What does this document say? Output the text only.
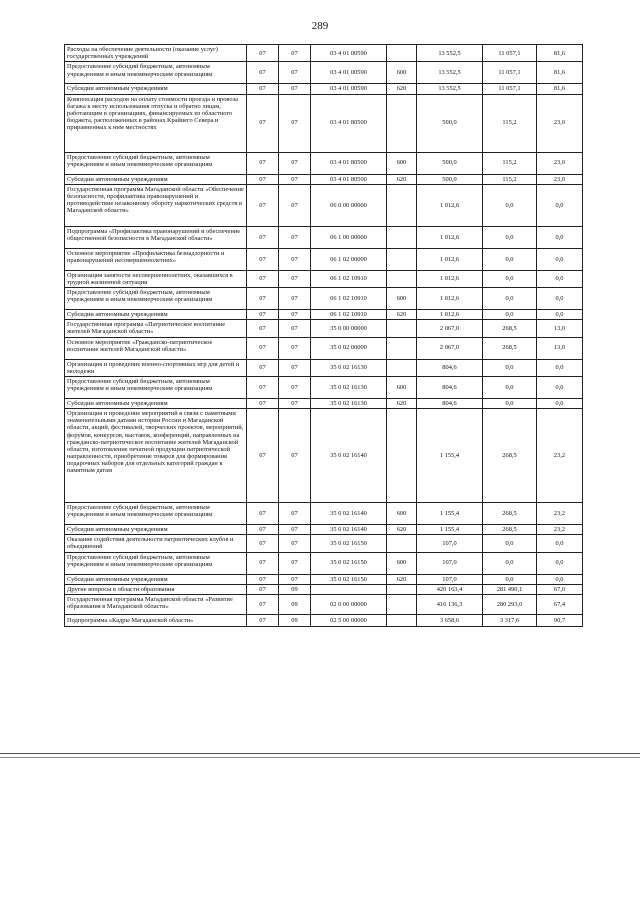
289
Расходы на обеспечение деятельности (оказание услуг) государственных учреждений	07	07	03 4 01 00590		13 552,5	11 057,1	81,6
Предоставление субсидий бюджетным, автономным учреждениям и иным некоммерческим организациям	07	07	03 4 01 00590	600	13 552,5	11 057,1	81,6
Субсидии автономным учреждениям	07	07	03 4 01 00590	620	13 552,5	11 057,1	81,6
Компенсация расходов на оплату стоимости проезда и провоза багажа к месту использования отпуска и обратно лицам, работающим в организациях, финансируемых из областного бюджета, расположенных в районах Крайнего Севера и приравненных к ним местностях	07	07	03 4 01 80500		500,0	115,2	23,0
Предоставление субсидий бюджетным, автономным учреждениям и иным некоммерческим организациям	07	07	03 4 01 80500	600	500,0	115,2	23,0
Субсидии автономным учреждениям	07	07	03 4 01 80500	620	500,0	115,2	23,0
Государственная программа Магаданской области «Обеспечение безопасности, профилактика правонарушений и противодействие незаконному обороту наркотических средств в Магаданской области»	07	07	06 0 00 00000		1 012,6	0,0	0,0
Подпрограмма «Профилактика правонарушений и обеспечение общественной безопасности в Магаданской области»	07	07	06 1 00 00000		1 012,6	0,0	0,0
Основное мероприятие «Профилактика безнадзорности и правонарушений несовершеннолетних»	07	07	06 1 02 00000		1 012,6	0,0	0,0
Организация занятости несовершеннолетних, оказавшихся в трудной жизненной ситуации	07	07	06 1 02 10910		1 012,6	0,0	0,0
Предоставление субсидий бюджетным, автономным учреждениям и иным некоммерческим организациям	07	07	06 1 02 10910	600	1 012,6	0,0	0,0
Субсидии автономным учреждениям	07	07	06 1 02 10910	620	1 012,6	0,0	0,0
Государственная программа «Патриотическое воспитание жителей Магаданской области»	07	07	35 0 00 00000		2 067,0	268,5	13,0
Основное мероприятие «Гражданско-патриотическое воспитание жителей Магаданской области»	07	07	35 0 02 00000		2 067,0	268,5	13,0
Организация и проведение военно-спортивных игр для детей и молодежи	07	07	35 0 02 16130		804,6	0,0	0,0
Предоставление субсидий бюджетным, автономным учреждениям и иным некоммерческим организациям	07	07	35 0 02 16130	600	804,6	0,0	0,0
Субсидии автономным учреждениям	07	07	35 0 02 16130	620	804,6	0,0	0,0
Организация и проведение мероприятий в связи с памятными знаменательными датами истории России и Магаданской области, акций, фестивалей, творческих проектов, мероприятий, форумов, конкурсов, выставок, конференций, направленных на гражданско-патриотическое воспитание жителей Магаданской области, изготовление печатной продукции патриотической направленности, приобретение товаров для формирования подарочных наборов для отдельных категорий граждан к памятным датам	07	07	35 0 02 16140		1 155,4	268,5	23,2
Предоставление субсидий бюджетным, автономным учреждениям и иным некоммерческим организациям	07	07	35 0 02 16140	600	1 155,4	268,5	23,2
Субсидии автономным учреждениям	07	07	35 0 02 16140	620	1 155,4	268,5	23,2
Оказание содействия деятельности патриотических клубов и объединений	07	07	35 0 02 16150		107,0	0,0	0,0
Предоставление субсидий бюджетным, автономным учреждениям и иным некоммерческим организациям	07	07	35 0 02 16150	600	107,0	0,0	0,0
Субсидии автономным учреждениям	07	07	35 0 02 16150	620	107,0	0,0	0,0
Другие вопросы в области образования	07	09			420 163,4	281 490,1	67,0
Государственная программа Магаданской области «Развитие образования в Магаданской области»	07	09	02 0 00 00000		416 136,3	280 293,0	67,4
Подпрограмма «Кадры Магаданской области»	07	09	02 5 00 00000		3 658,6	3 317,6	90,7
